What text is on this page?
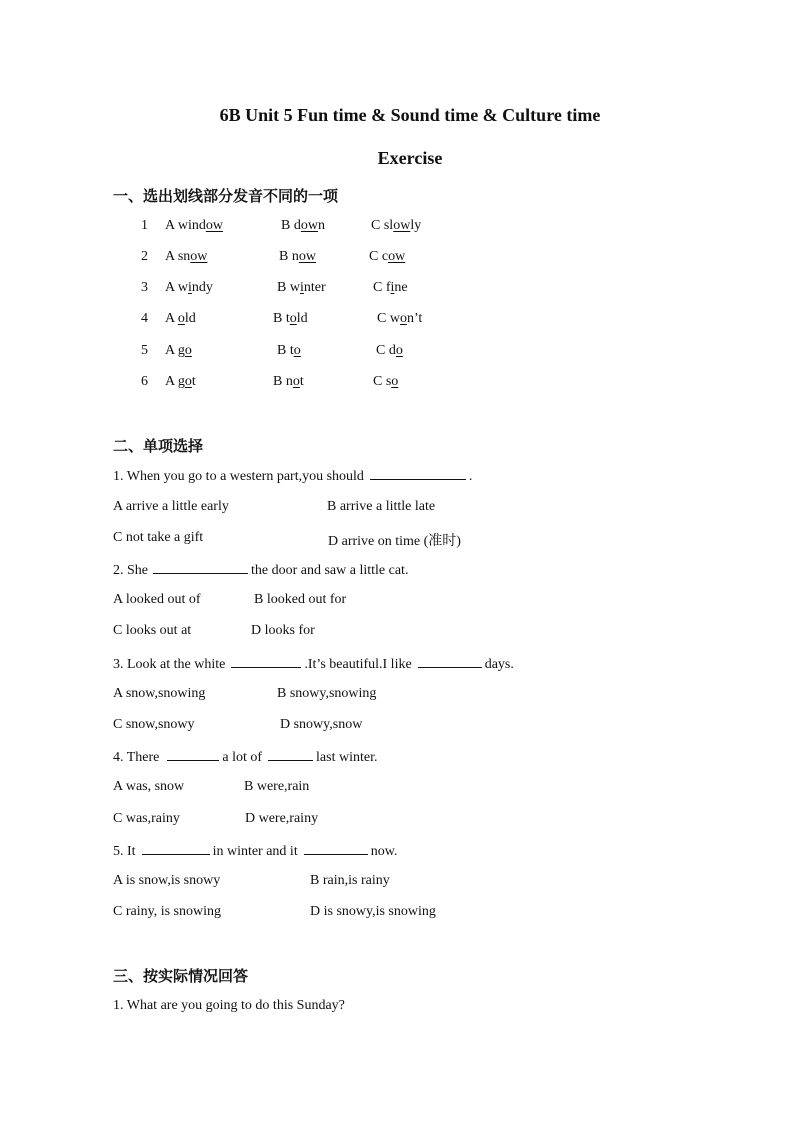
6B Unit 5 Fun time & Sound time & Culture time
Exercise
一、选出划线部分发音不同的一项
1 A window	B down	C slowly
2 A snow	B now	C cow
3 A windy	B winter	C fine
4 A old	B told	C won’t
5 A go	B to	C do
6 A got	B not	C so
二、单项选择
1. When you go to a western part,you should	.
A arrive a little early	B arrive a little late
C not take a gift	D arrive on time (准时)
2. She	the door and saw a little cat.
A looked out of	B looked out for
C looks out at	D looks for
3. Look at the white	.It’s beautiful.I like	days.
A snow,snowing	B snowy,snowing
C snow,snowy	D snowy,snow
4. There	a lot of	last winter.
A was, snow	B were,rain
C was,rainy	D were,rainy
5. It	in winter and it	now.
A is snow,is snowy	B rain,is rainy
C rainy, is snowing	D is snowy,is snowing
三、按实际情况回答
1. What are you going to do this Sunday?
